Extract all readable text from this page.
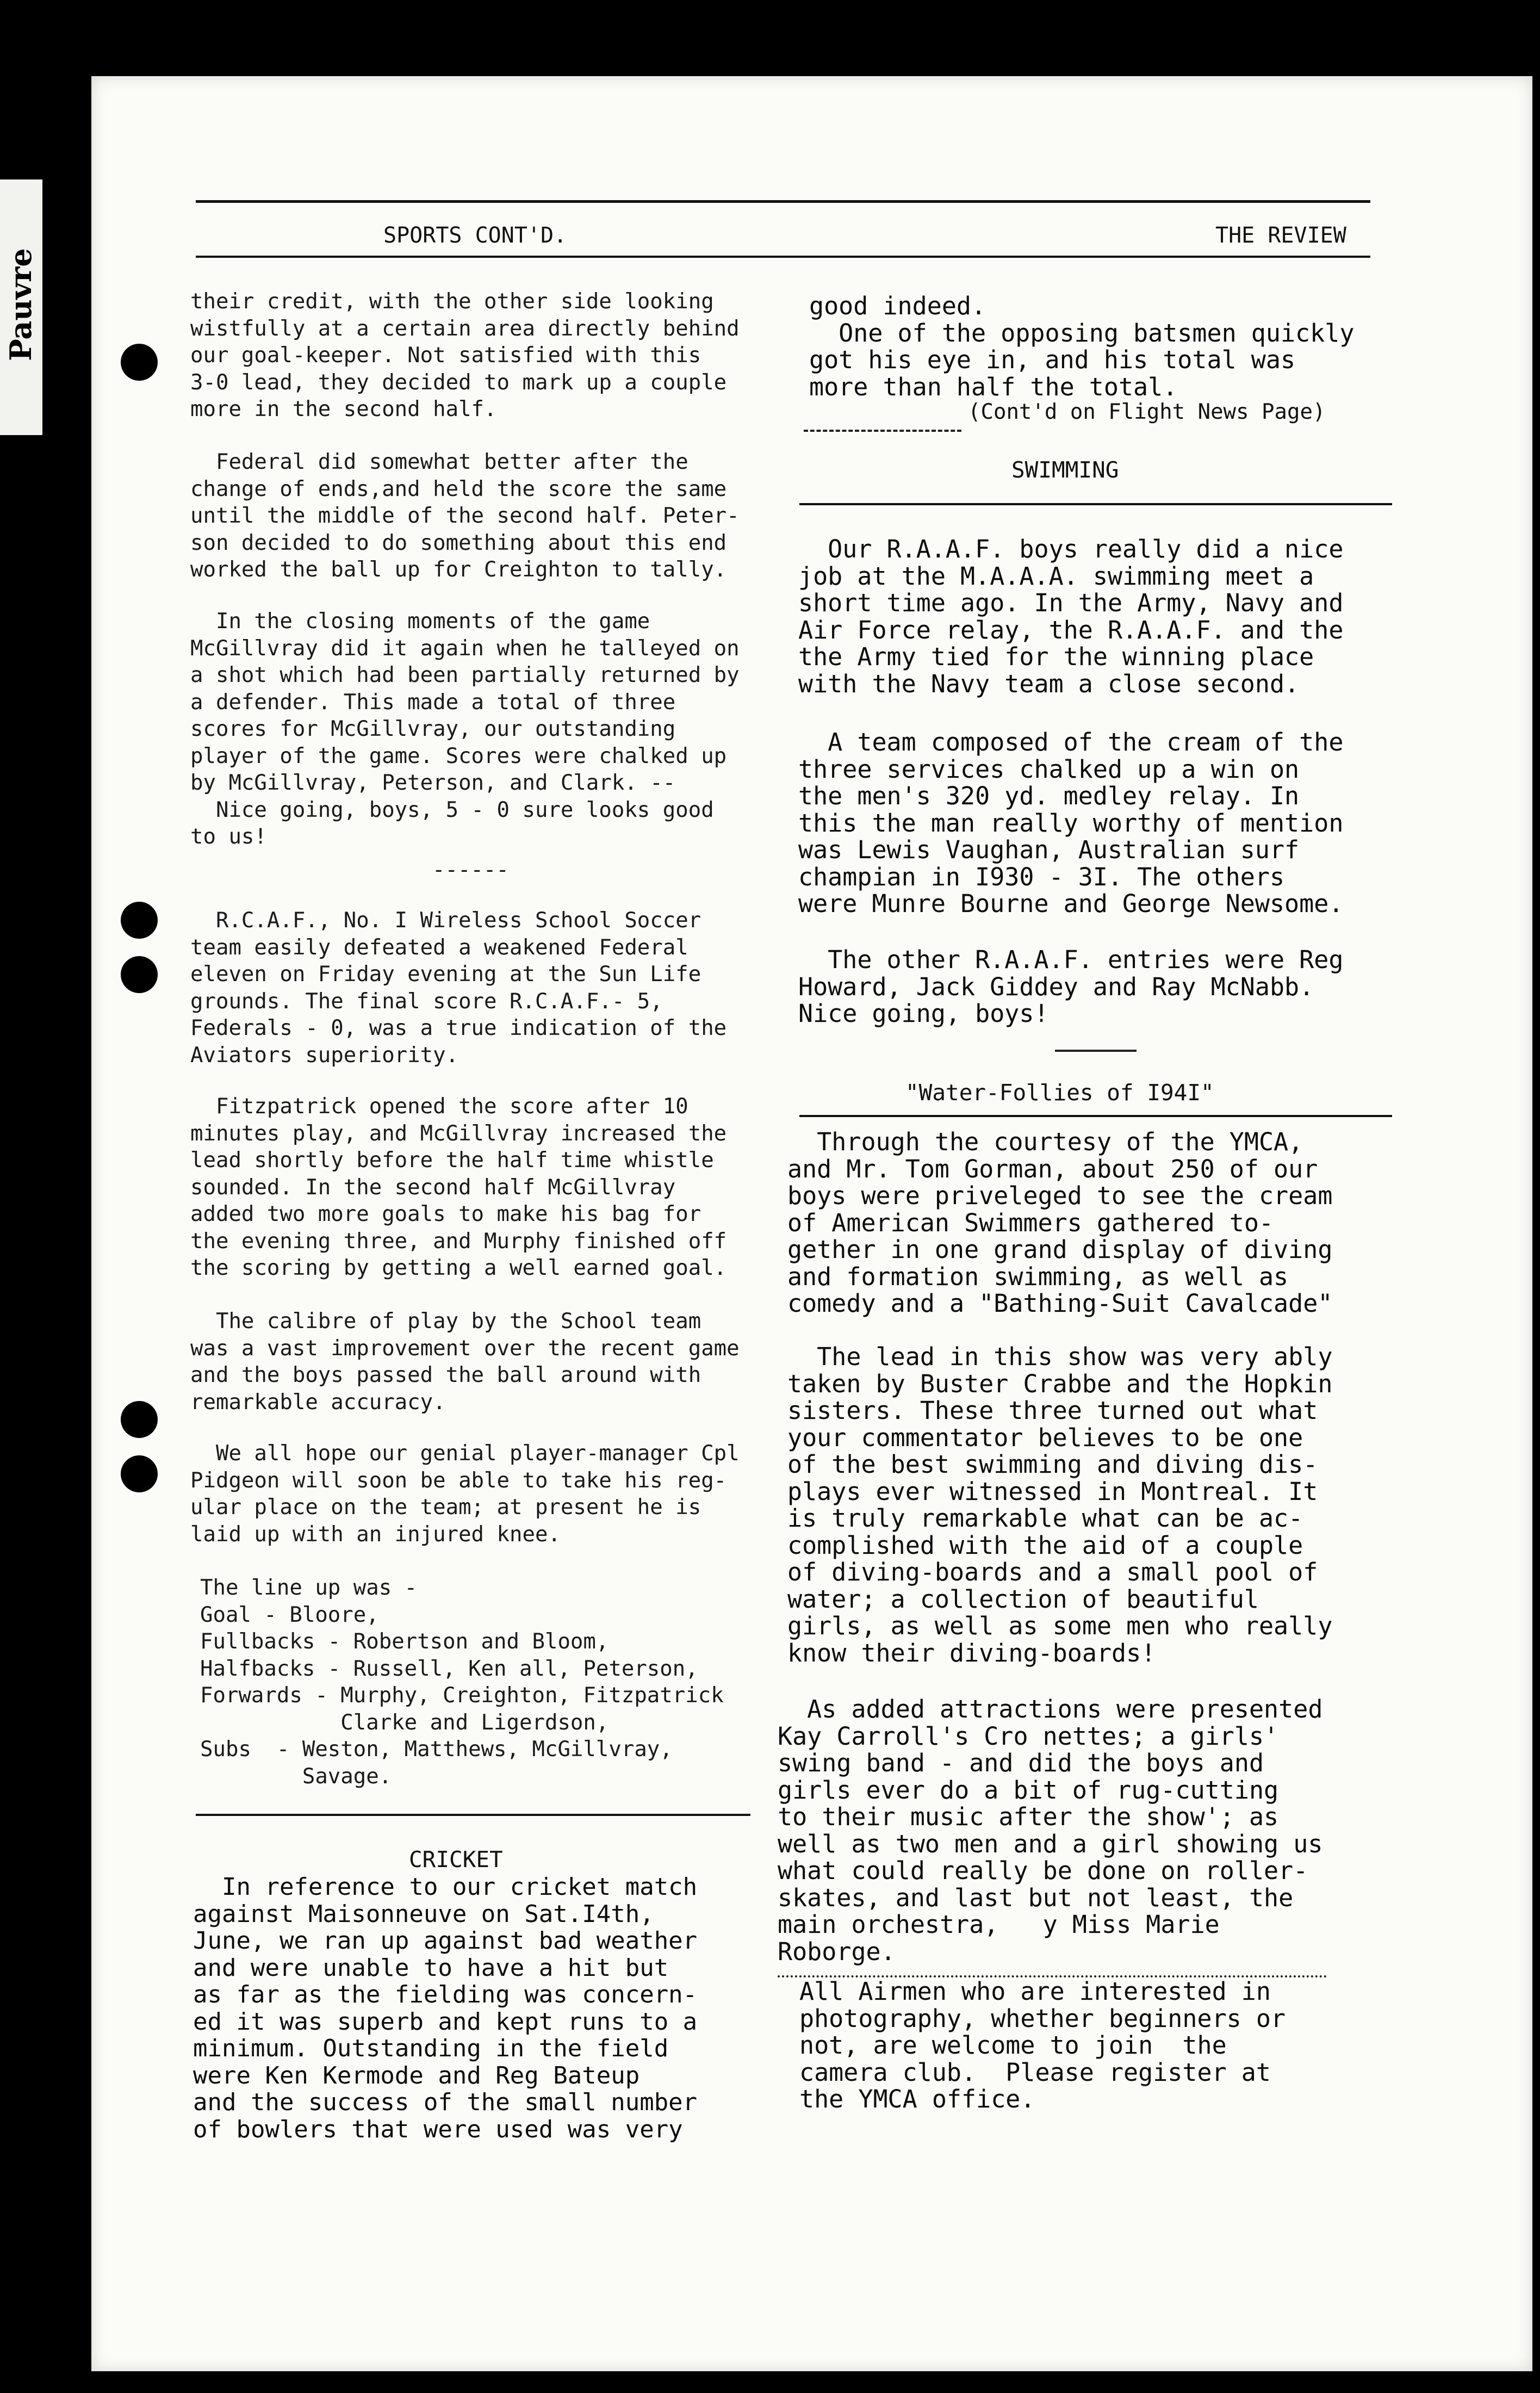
Pauvre
SPORTS CONT'D.	THE REVIEW

their credit, with the other side looking

wistfully at a certain area directly behind

our goal-keeper. Not satisfied with this

3-0 lead, they decided to mark up a couple

more in the second half.

Federal did somewhat better after the

change of ends,and held the score the same

until the middle of the second half. Peter-

son decided to do something about this end

worked the ball up for Creighton to tally.

In the closing moments of the game

McGillvray did it again when he talleyed on

a shot which had been partially returned by

a defender. This made a total of three

scores for McGillvray, our outstanding

player of the game. Scores were chalked up

by McGillvray, Peterson, and Clark. --

Nice going, boys, 5 - 0 sure looks good

to us!

------

R.C.A.F., No. I Wireless School Soccer

team easily defeated a weakened Federal

eleven on Friday evening at the Sun Life

grounds. The final score R.C.A.F.- 5,

Federals - 0, was a true indication of the

Aviators superiority.

Fitzpatrick opened the score after 10

minutes play, and McGillvray increased the

lead shortly before the half time whistle

sounded. In the second half McGillvray

added two more goals to make his bag for

the evening three, and Murphy finished off

the scoring by getting a well earned goal.

The calibre of play by the School team

was a vast improvement over the recent game

and the boys passed the ball around with

remarkable accuracy.

We all hope our genial player-manager Cpl

Pidgeon will soon be able to take his reg-

ular place on the team; at present he is

laid up with an injured knee.

The line up was -

Goal - Bloore,

Fullbacks - Robertson and Bloom,

Halfbacks - Russell, Ken all, Peterson,

Forwards - Murphy, Creighton, Fitzpatrick

Clarke and Ligerdson,

Subs  - Weston, Matthews, McGillvray,

Savage.

CRICKET

In reference to our cricket match

against Maisonneuve on Sat.I4th,

June, we ran up against bad weather

and were unable to have a hit but

as far as the fielding was concern-

ed it was superb and kept runs to a

minimum. Outstanding in the field

were Ken Kermode and Reg Bateup

and the success of the small number

of bowlers that were used was very

good indeed.

One of the opposing batsmen quickly

got his eye in, and his total was

more than half the total.

(Cont'd on Flight News Page)
SWIMMING

Our R.A.A.F. boys really did a nice

job at the M.A.A.A. swimming meet a

short time ago. In the Army, Navy and

Air Force relay, the R.A.A.F. and the

the Army tied for the winning place

with the Navy team a close second.

A team composed of the cream of the

three services chalked up a win on

the men's 320 yd. medley relay. In

this the man really worthy of mention

was Lewis Vaughan, Australian surf

champian in I930 - 3I. The others

were Munre Bourne and George Newsome.

The other R.A.A.F. entries were Reg

Howard, Jack Giddey and Ray McNabb.

Nice going, boys!

"Water-Follies of I94I"

Through the courtesy of the YMCA,

and Mr. Tom Gorman, about 250 of our

boys were priveleged to see the cream

of American Swimmers gathered to-

gether in one grand display of diving

and formation swimming, as well as

comedy and a "Bathing-Suit Cavalcade"

The lead in this show was very ably

taken by Buster Crabbe and the Hopkin

sisters. These three turned out what

your commentator believes to be one

of the best swimming and diving dis-

plays ever witnessed in Montreal. It

is truly remarkable what can be ac-

complished with the aid of a couple

of diving-boards and a small pool of

water; a collection of beautiful

girls, as well as some men who really

know their diving-boards!

As added attractions were presented

Kay Carroll's Cro nettes; a girls'

swing band - and did the boys and

girls ever do a bit of rug-cutting

to their music after the show'; as

well as two men and a girl showing us

what could really be done on roller-

skates, and last but not least, the

main orchestra,   y Miss Marie

Roborge.

All Airmen who are interested in

photography, whether beginners or

not, are welcome to join  the

camera club.  Please register at

the YMCA office.
